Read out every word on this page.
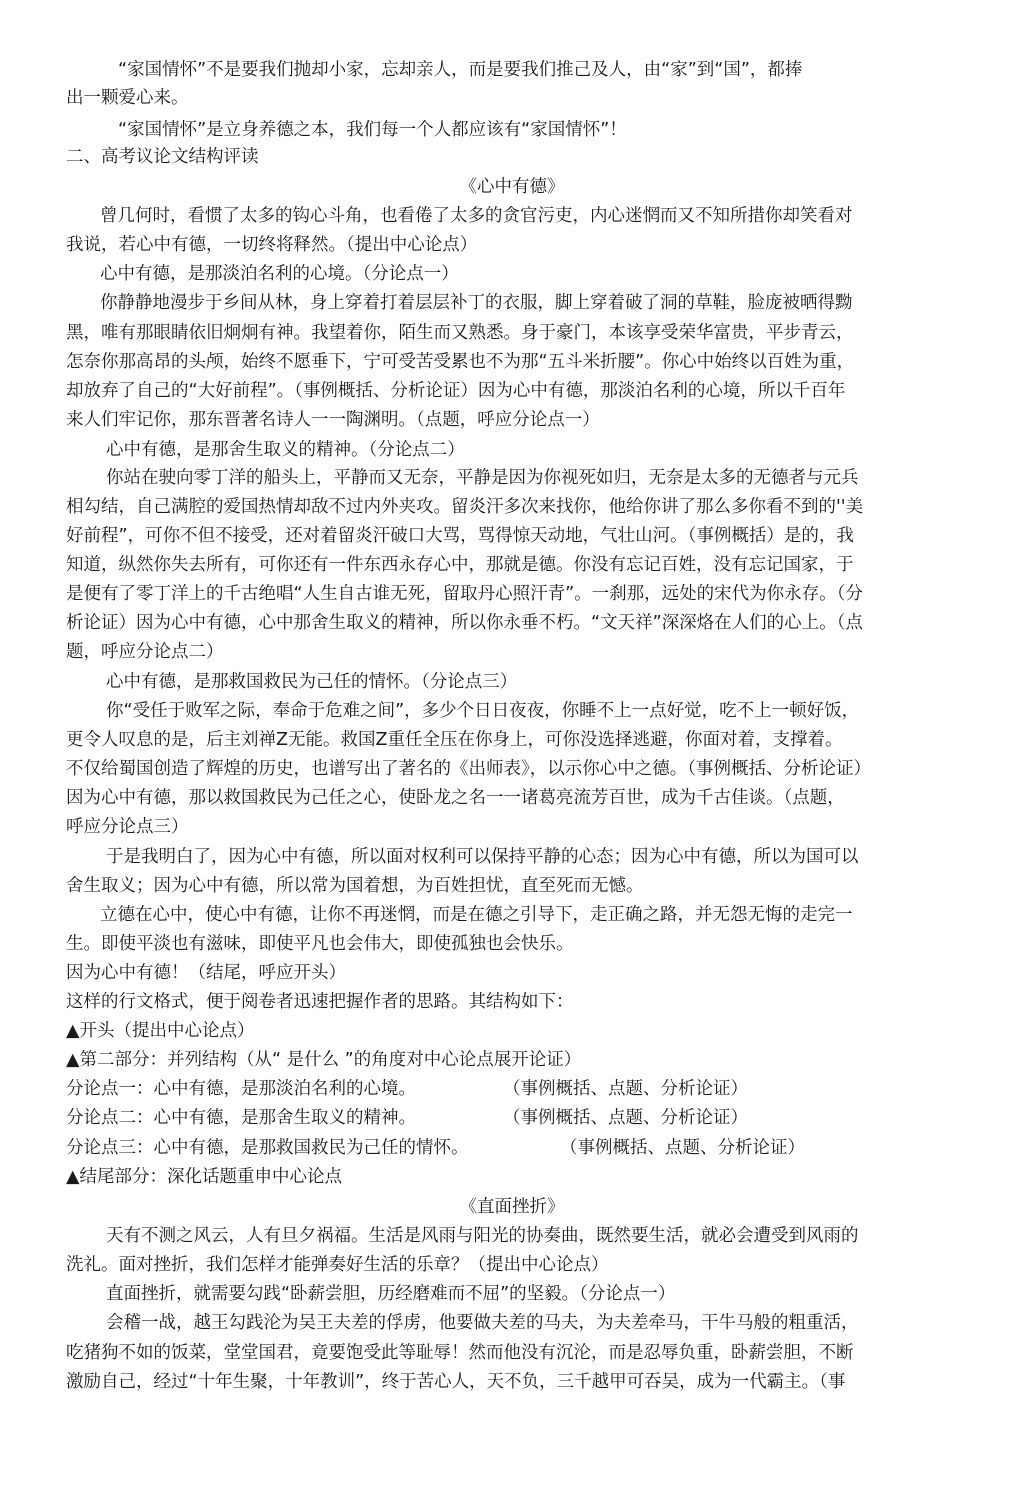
“家国情怀”不是要我们抛却小家，忘却亲人，而是要我们推己及人，由“家”到“国”，都捧
出一颗爱心来。
“家国情怀”是立身养德之本，我们每一个人都应该有“家国情怀”！
二、高考议论文结构评读
《心中有德》
曾几何时，看惯了太多的钩心斗角，也看倦了太多的贪官污吏，内心迷惘而又不知所措你却笑看对
我说，若心中有德，一切终将释然。（提出中心论点）
心中有德，是那淡泊名利的心境。（分论点一）
你静静地漫步于乡间从林，身上穿着打着层层补丁的衣服，脚上穿着破了洞的草鞋，脸庞被晒得黝
黑，唯有那眼睛依旧炯炯有神。我望着你，陌生而又熟悉。身于豪门，本该享受荣华富贵，平步青云，
怎奈你那高昂的头颅，始终不愿垂下，宁可受苦受累也不为那“五斗米折腰”。你心中始终以百姓为重，
却放弃了自己的“大好前程”。（事例概括、分析论证）因为心中有德，那淡泊名利的心境，所以千百年
来人们牢记你，那东晋著名诗人一一陶渊明。（点题，呼应分论点一）
心中有德，是那舍生取义的精神。（分论点二）
你站在驶向零丁洋的船头上，平静而又无奈，平静是因为你视死如归，无奈是太多的无德者与元兵
相勾结，自己满腔的爱国热情却敌不过内外夹攻。留炎汗多次来找你，他给你讲了那么多你看不到的''美
好前程”，可你不但不接受，还对着留炎汗破口大骂，骂得惊天动地，气壮山河。（事例概括）是的，我
知道，纵然你失去所有，可你还有一件东西永存心中，那就是德。你没有忘记百姓，没有忘记国家，于
是便有了零丁洋上的千古绝唱“人生自古谁无死，留取丹心照汗青”。一刹那，远处的宋代为你永存。（分
析论证）因为心中有德，心中那舍生取义的精神，所以你永垂不朽。“文天祥”深深烙在人们的心上。（点
题，呼应分论点二）
心中有德，是那救国救民为己任的情怀。（分论点三）
你“受任于败军之际，奉命于危难之间”，多少个日日夜夜，你睡不上一点好觉，吃不上一顿好饭，
更令人叹息的是，后主刘禅Z无能。救国Z重任全压在你身上，可你没选择逃避，你面对着，支撑着。
不仅给蜀国创造了辉煌的历史，也谱写出了著名的《出师表》，以示你心中之德。（事例概括、分析论证）
因为心中有德，那以救国救民为己任之心，使卧龙之名一一诸葛亮流芳百世，成为千古佳谈。（点题，
呼应分论点三）
于是我明白了，因为心中有德，所以面对权利可以保持平静的心态；因为心中有德，所以为国可以
舍生取义；因为心中有德，所以常为国着想，为百姓担忧，直至死而无憾。
立德在心中，使心中有德，让你不再迷惘，而是在德之引导下，走正确之路，并无怨无悔的走完一
生。即使平淡也有滋味，即使平凡也会伟大，即使孤独也会快乐。
因为心中有德！（结尾，呼应开头）
这样的行文格式，便于阅卷者迅速把握作者的思路。其结构如下：
▲开头（提出中心论点）
▲第二部分：并列结构（从“ 是什么 ”的角度对中心论点展开论证）
分论点一：心中有德，是那淡泊名利的心境。	（事例概括、点题、分析论证）
分论点二：心中有德，是那舍生取义的精神。	（事例概括、点题、分析论证）
分论点三：心中有德，是那救国救民为己任的情怀。	（事例概括、点题、分析论证）
▲结尾部分：深化话题重申中心论点
《直面挫折》
天有不测之风云，人有旦夕祸福。生活是风雨与阳光的协奏曲，既然要生活，就必会遭受到风雨的
洗礼。面对挫折，我们怎样才能弹奏好生活的乐章？（提出中心论点）
直面挫折，就需要勾践“卧薪尝胆，历经磨难而不屈”的坚毅。（分论点一）
会稽一战，越王勾践沦为吴王夫差的俘虏，他要做夫差的马夫，为夫差牵马，干牛马般的粗重活，
吃猪狗不如的饭菜，堂堂国君，竟要饱受此等耻辱！然而他没有沉沦，而是忍辱负重，卧薪尝胆，不断
激励自己，经过“十年生聚，十年教训”，终于苦心人，天不负，三千越甲可吞吴，成为一代霸主。（事
